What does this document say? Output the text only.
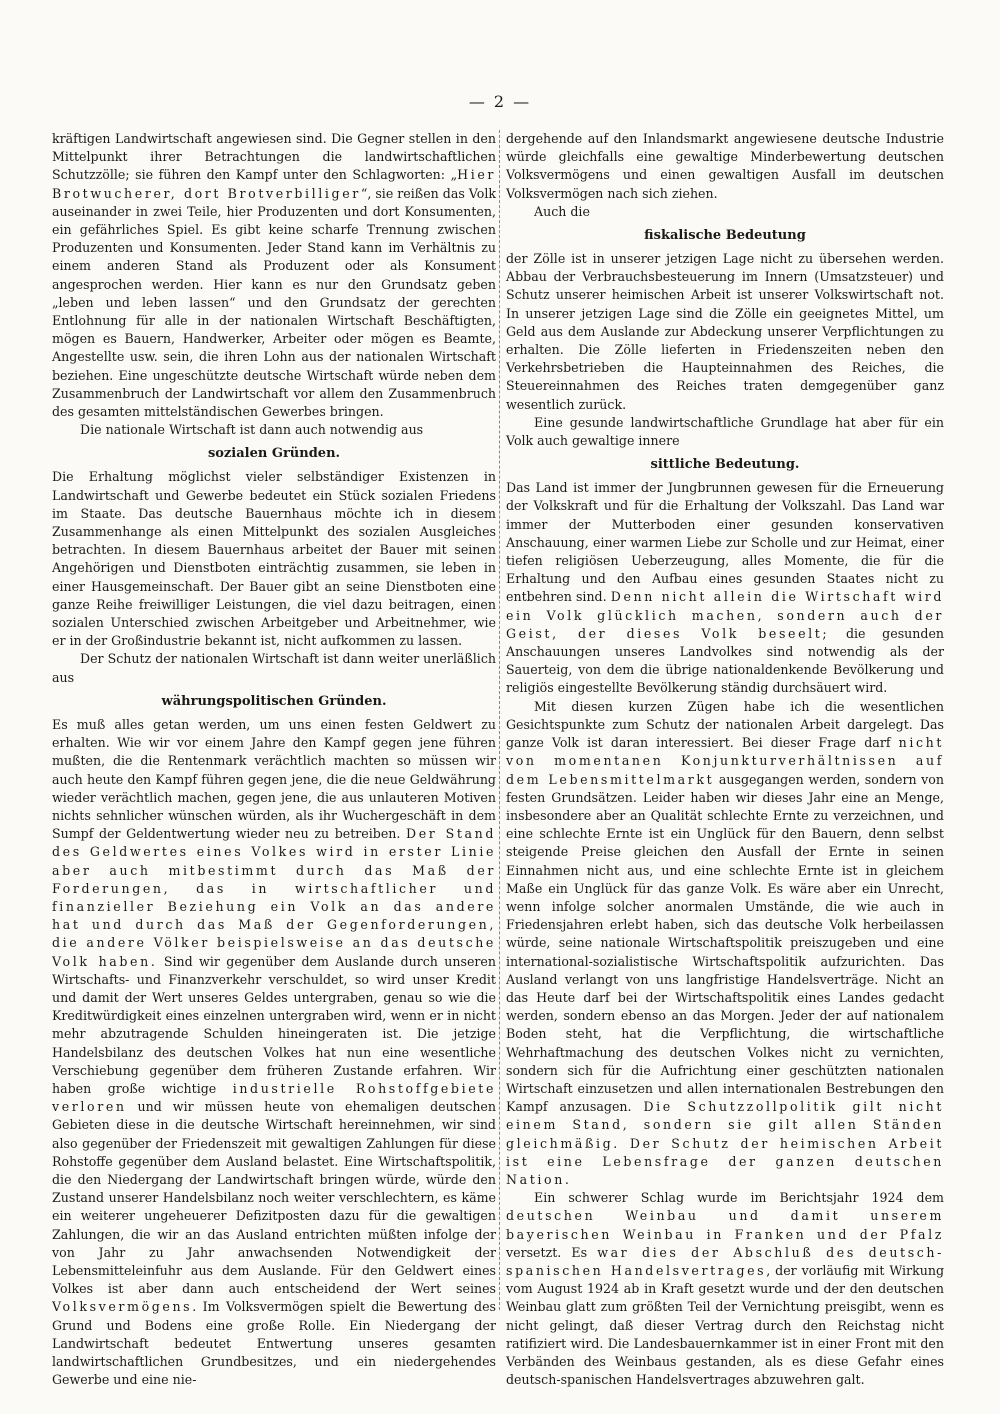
— 2 —

kräftigen Landwirtschaft angewiesen sind. Die Gegner stellen in den Mittelpunkt ihrer Betrachtungen die landwirtschaftlichen Schutzzölle; sie führen den Kampf unter den Schlagworten: „Hier Brotwucherer, dort Brotverbilliger“, sie reißen das Volk auseinander in zwei Teile, hier Produzenten und dort Konsumenten, ein gefährliches Spiel. Es gibt keine scharfe Trennung zwischen Produzenten und Konsumenten. Jeder Stand kann im Verhältnis zu einem anderen Stand als Produzent oder als Konsument angesprochen werden. Hier kann es nur den Grundsatz geben „leben und leben lassen“ und den Grundsatz der gerechten Entlohnung für alle in der nationalen Wirtschaft Beschäftigten, mögen es Bauern, Handwerker, Arbeiter oder mögen es Beamte, Angestellte usw. sein, die ihren Lohn aus der nationalen Wirtschaft beziehen. Eine ungeschützte deutsche Wirtschaft würde neben dem Zusammenbruch der Landwirtschaft vor allem den Zusammenbruch des gesamten mittelständischen Gewerbes bringen.

Die nationale Wirtschaft ist dann auch notwendig aus

sozialen Gründen.

Die Erhaltung möglichst vieler selbständiger Existenzen in Landwirtschaft und Gewerbe bedeutet ein Stück sozialen Friedens im Staate. Das deutsche Bauernhaus möchte ich in diesem Zusammenhange als einen Mittelpunkt des sozialen Ausgleiches betrachten. In diesem Bauernhaus arbeitet der Bauer mit seinen Angehörigen und Dienstboten einträchtig zusammen, sie leben in einer Hausgemeinschaft. Der Bauer gibt an seine Dienstboten eine ganze Reihe freiwilliger Leistungen, die viel dazu beitragen, einen sozialen Unterschied zwischen Arbeitgeber und Arbeitnehmer, wie er in der Großindustrie bekannt ist, nicht aufkommen zu lassen.

Der Schutz der nationalen Wirtschaft ist dann weiter unerläßlich aus

währungspolitischen Gründen.

Es muß alles getan werden, um uns einen festen Geldwert zu erhalten. Wie wir vor einem Jahre den Kampf gegen jene führen mußten, die die Rentenmark verächtlich machten so müssen wir auch heute den Kampf führen gegen jene, die die neue Geldwährung wieder verächtlich machen, gegen jene, die aus unlauteren Motiven nichts sehnlicher wünschen würden, als ihr Wuchergeschäft in dem Sumpf der Geldentwertung wieder neu zu betreiben. Der Stand des Geldwertes eines Volkes wird in erster Linie aber auch mitbestimmt durch das Maß der Forderungen, das in wirtschaftlicher und finanzieller Beziehung ein Volk an das andere hat und durch das Maß der Gegenforderungen, die andere Völker beispielsweise an das deutsche Volk haben. Sind wir gegenüber dem Auslande durch unseren Wirtschafts- und Finanzverkehr verschuldet, so wird unser Kredit und damit der Wert unseres Geldes untergraben, genau so wie die Kreditwürdigkeit eines einzelnen untergraben wird, wenn er in nicht mehr abzutragende Schulden hineingeraten ist. Die jetzige Handelsbilanz des deutschen Volkes hat nun eine wesentliche Verschiebung gegenüber dem früheren Zustande erfahren. Wir haben große wichtige industrielle Rohstoffgebiete verloren und wir müssen heute von ehemaligen deutschen Gebieten diese in die deutsche Wirtschaft hereinnehmen, wir sind also gegenüber der Friedenszeit mit gewaltigen Zahlungen für diese Rohstoffe gegenüber dem Ausland belastet. Eine Wirtschaftspolitik, die den Niedergang der Landwirtschaft bringen würde, würde den Zustand unserer Handelsbilanz noch weiter verschlechtern, es käme ein weiterer ungeheuerer Defizitposten dazu für die gewaltigen Zahlungen, die wir an das Ausland entrichten müßten infolge der von Jahr zu Jahr anwachsenden Notwendigkeit der Lebensmitteleinfuhr aus dem Auslande. Für den Geldwert eines Volkes ist aber dann auch entscheidend der Wert seines Volksvermögens. Im Volksvermögen spielt die Bewertung des Grund und Bodens eine große Rolle. Ein Niedergang der Landwirtschaft bedeutet Entwertung unseres gesamten landwirtschaftlichen Grundbesitzes, und ein niedergehendes Gewerbe und eine nie-

dergehende auf den Inlandsmarkt angewiesene deutsche Industrie würde gleichfalls eine gewaltige Minderbewertung deutschen Volksvermögens und einen gewaltigen Ausfall im deutschen Volksvermögen nach sich ziehen.

Auch die

fiskalische Bedeutung

der Zölle ist in unserer jetzigen Lage nicht zu übersehen werden. Abbau der Verbrauchsbesteuerung im Innern (Umsatzsteuer) und Schutz unserer heimischen Arbeit ist unserer Volkswirtschaft not. In unserer jetzigen Lage sind die Zölle ein geeignetes Mittel, um Geld aus dem Auslande zur Abdeckung unserer Verpflichtungen zu erhalten. Die Zölle lieferten in Friedenszeiten neben den Verkehrsbetrieben die Haupteinnahmen des Reiches, die Steuereinnahmen des Reiches traten demgegenüber ganz wesentlich zurück.

Eine gesunde landwirtschaftliche Grundlage hat aber für ein Volk auch gewaltige innere

sittliche Bedeutung.

Das Land ist immer der Jungbrunnen gewesen für die Erneuerung der Volkskraft und für die Erhaltung der Volkszahl. Das Land war immer der Mutterboden einer gesunden konservativen Anschauung, einer warmen Liebe zur Scholle und zur Heimat, einer tiefen religiösen Ueberzeugung, alles Momente, die für die Erhaltung und den Aufbau eines gesunden Staates nicht zu entbehren sind. Denn nicht allein die Wirtschaft wird ein Volk glücklich machen, sondern auch der Geist, der dieses Volk beseelt; die gesunden Anschauungen unseres Landvolkes sind notwendig als der Sauerteig, von dem die übrige nationaldenkende Bevölkerung und religiös eingestellte Bevölkerung ständig durchsäuert wird.

Mit diesen kurzen Zügen habe ich die wesentlichen Gesichtspunkte zum Schutz der nationalen Arbeit dargelegt. Das ganze Volk ist daran interessiert. Bei dieser Frage darf nicht von momentanen Konjunkturverhältnissen auf dem Lebensmittelmarkt ausgegangen werden, sondern von festen Grundsätzen. Leider haben wir dieses Jahr eine an Menge, insbesondere aber an Qualität schlechte Ernte zu verzeichnen, und eine schlechte Ernte ist ein Unglück für den Bauern, denn selbst steigende Preise gleichen den Ausfall der Ernte in seinen Einnahmen nicht aus, und eine schlechte Ernte ist in gleichem Maße ein Unglück für das ganze Volk. Es wäre aber ein Unrecht, wenn infolge solcher anormalen Umstände, die wie auch in Friedensjahren erlebt haben, sich das deutsche Volk herbeilassen würde, seine nationale Wirtschaftspolitik preiszugeben und eine international-sozialistische Wirtschaftspolitik aufzurichten. Das Ausland verlangt von uns langfristige Handelsverträge. Nicht an das Heute darf bei der Wirtschaftspolitik eines Landes gedacht werden, sondern ebenso an das Morgen. Jeder der auf nationalem Boden steht, hat die Verpflichtung, die wirtschaftliche Wehrhaftmachung des deutschen Volkes nicht zu vernichten, sondern sich für die Aufrichtung einer geschützten nationalen Wirtschaft einzusetzen und allen internationalen Bestrebungen den Kampf anzusagen. Die Schutzzollpolitik gilt nicht einem Stand, sondern sie gilt allen Ständen gleichmäßig. Der Schutz der heimischen Arbeit ist eine Lebensfrage der ganzen deutschen Nation.

Ein schwerer Schlag wurde im Berichtsjahr 1924 dem deutschen Weinbau und damit unserem bayerischen Weinbau in Franken und der Pfalz versetzt. Es war dies der Abschluß des deutsch-spanischen Handelsvertrages, der vorläufig mit Wirkung vom August 1924 ab in Kraft gesetzt wurde und der den deutschen Weinbau glatt zum größten Teil der Vernichtung preisgibt, wenn es nicht gelingt, daß dieser Vertrag durch den Reichstag nicht ratifiziert wird. Die Landesbauernkammer ist in einer Front mit den Verbänden des Weinbaus gestanden, als es diese Gefahr eines deutsch-spanischen Handelsvertrages abzuwehren galt.
